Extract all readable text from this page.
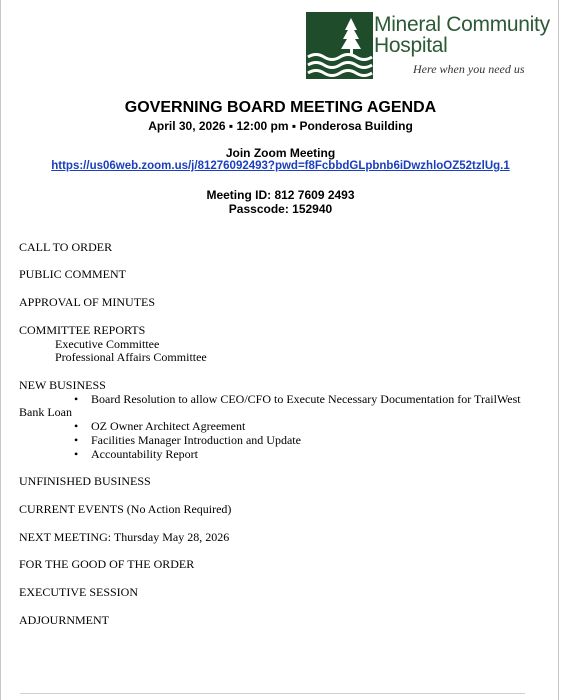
Mineral Community
Hospital
Here when you need us
GOVERNING BOARD MEETING AGENDA
April 30, 2026 ▪ 12:00 pm ▪ Ponderosa Building
Join Zoom Meeting
https://us06web.zoom.us/j/81276092493?pwd=f8FcbbdGLpbnb6iDwzhloOZ52tzlUg.1
Meeting ID: 812 7609 2493
Passcode: 152940
CALL TO ORDER
PUBLIC COMMENT
APPROVAL OF MINUTES
COMMITTEE REPORTS
Executive Committee
Professional Affairs Committee
NEW BUSINESS
• Board Resolution to allow CEO/CFO to Execute Necessary Documentation for TrailWest
Bank Loan
• OZ Owner Architect Agreement
• Facilities Manager Introduction and Update
• Accountability Report
UNFINISHED BUSINESS
CURRENT EVENTS (No Action Required)
NEXT MEETING: Thursday May 28, 2026
FOR THE GOOD OF THE ORDER
EXECUTIVE SESSION
ADJOURNMENT
